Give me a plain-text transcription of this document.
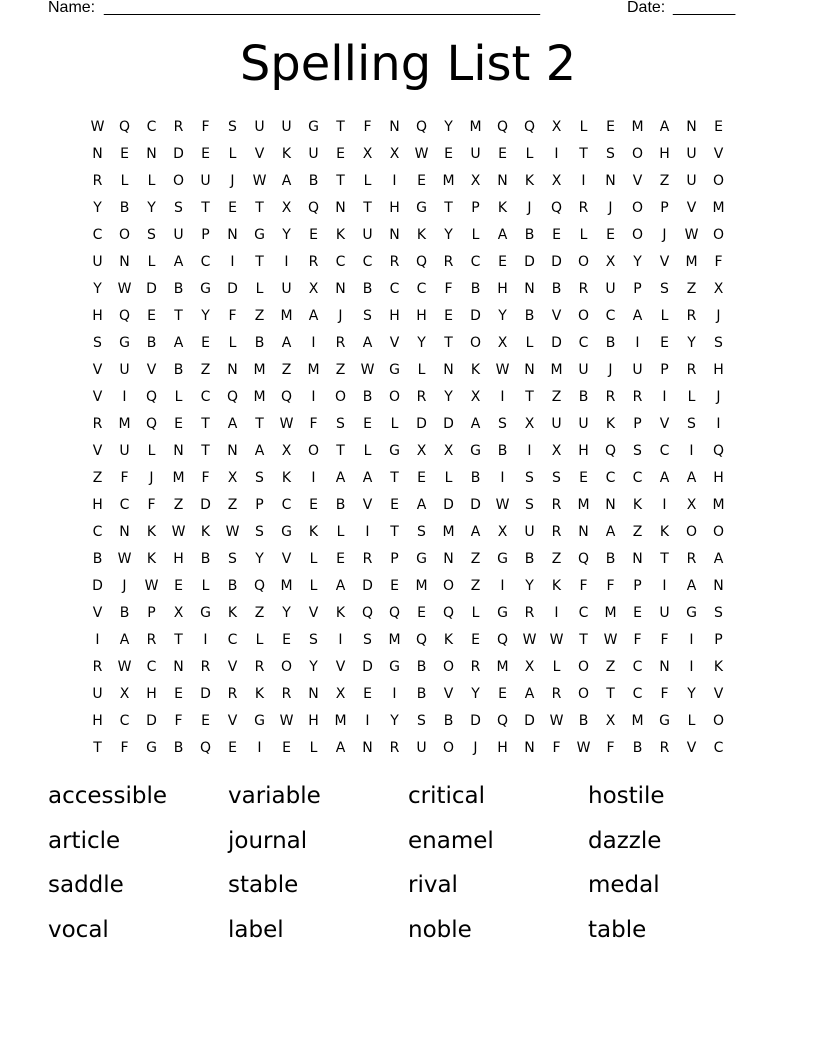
Name: _________________________________________________	Date: _______
Spelling List 2
W	Q	C	R	F	S	U	U	G	T	F	N	Q	Y	M	Q	Q	X	L	E	M	A	N	E
N	E	N	D	E	L	V	K	U	E	X	X	W	E	U	E	L	I	T	S	O	H	U	V
R	L	L	O	U	J	W	A	B	T	L	I	E	M	X	N	K	X	I	N	V	Z	U	O
Y	B	Y	S	T	E	T	X	Q	N	T	H	G	T	P	K	J	Q	R	J	O	P	V	M
C	O	S	U	P	N	G	Y	E	K	U	N	K	Y	L	A	B	E	L	E	O	J	W	O
U	N	L	A	C	I	T	I	R	C	C	R	Q	R	C	E	D	D	O	X	Y	V	M	F
Y	W	D	B	G	D	L	U	X	N	B	C	C	F	B	H	N	B	R	U	P	S	Z	X
H	Q	E	T	Y	F	Z	M	A	J	S	H	H	E	D	Y	B	V	O	C	A	L	R	J
S	G	B	A	E	L	B	A	I	R	A	V	Y	T	O	X	L	D	C	B	I	E	Y	S
V	U	V	B	Z	N	M	Z	M	Z	W	G	L	N	K	W	N	M	U	J	U	P	R	H
V	I	Q	L	C	Q	M	Q	I	O	B	O	R	Y	X	I	T	Z	B	R	R	I	L	J
R	M	Q	E	T	A	T	W	F	S	E	L	D	D	A	S	X	U	U	K	P	V	S	I
V	U	L	N	T	N	A	X	O	T	L	G	X	X	G	B	I	X	H	Q	S	C	I	Q
Z	F	J	M	F	X	S	K	I	A	A	T	E	L	B	I	S	S	E	C	C	A	A	H
H	C	F	Z	D	Z	P	C	E	B	V	E	A	D	D	W	S	R	M	N	K	I	X	M
C	N	K	W	K	W	S	G	K	L	I	T	S	M	A	X	U	R	N	A	Z	K	O	O
B	W	K	H	B	S	Y	V	L	E	R	P	G	N	Z	G	B	Z	Q	B	N	T	R	A
D	J	W	E	L	B	Q	M	L	A	D	E	M	O	Z	I	Y	K	F	F	P	I	A	N
V	B	P	X	G	K	Z	Y	V	K	Q	Q	E	Q	L	G	R	I	C	M	E	U	G	S
I	A	R	T	I	C	L	E	S	I	S	M	Q	K	E	Q	W W	T	W	F	F	I	P
R	W	C	N	R	V	R	O	Y	V	D	G	B	O	R	M	X	L	O	Z	C	N	I	K
U	X	H	E	D	R	K	R	N	X	E	I	B	V	Y	E	A	R	O	T	C	F	Y	V
H	C	D	F	E	V	G	W	H	M	I	Y	S	B	D	Q	D	W	B	X	M	G	L	O
T	F	G	B	Q	E	I	E	L	A	N	R	U	O	J	H	N	F	W	F	B	R	V	C
accessible	variable	critical	hostile
article	journal	enamel	dazzle
saddle	stable	rival	medal
vocal	label	noble	table
